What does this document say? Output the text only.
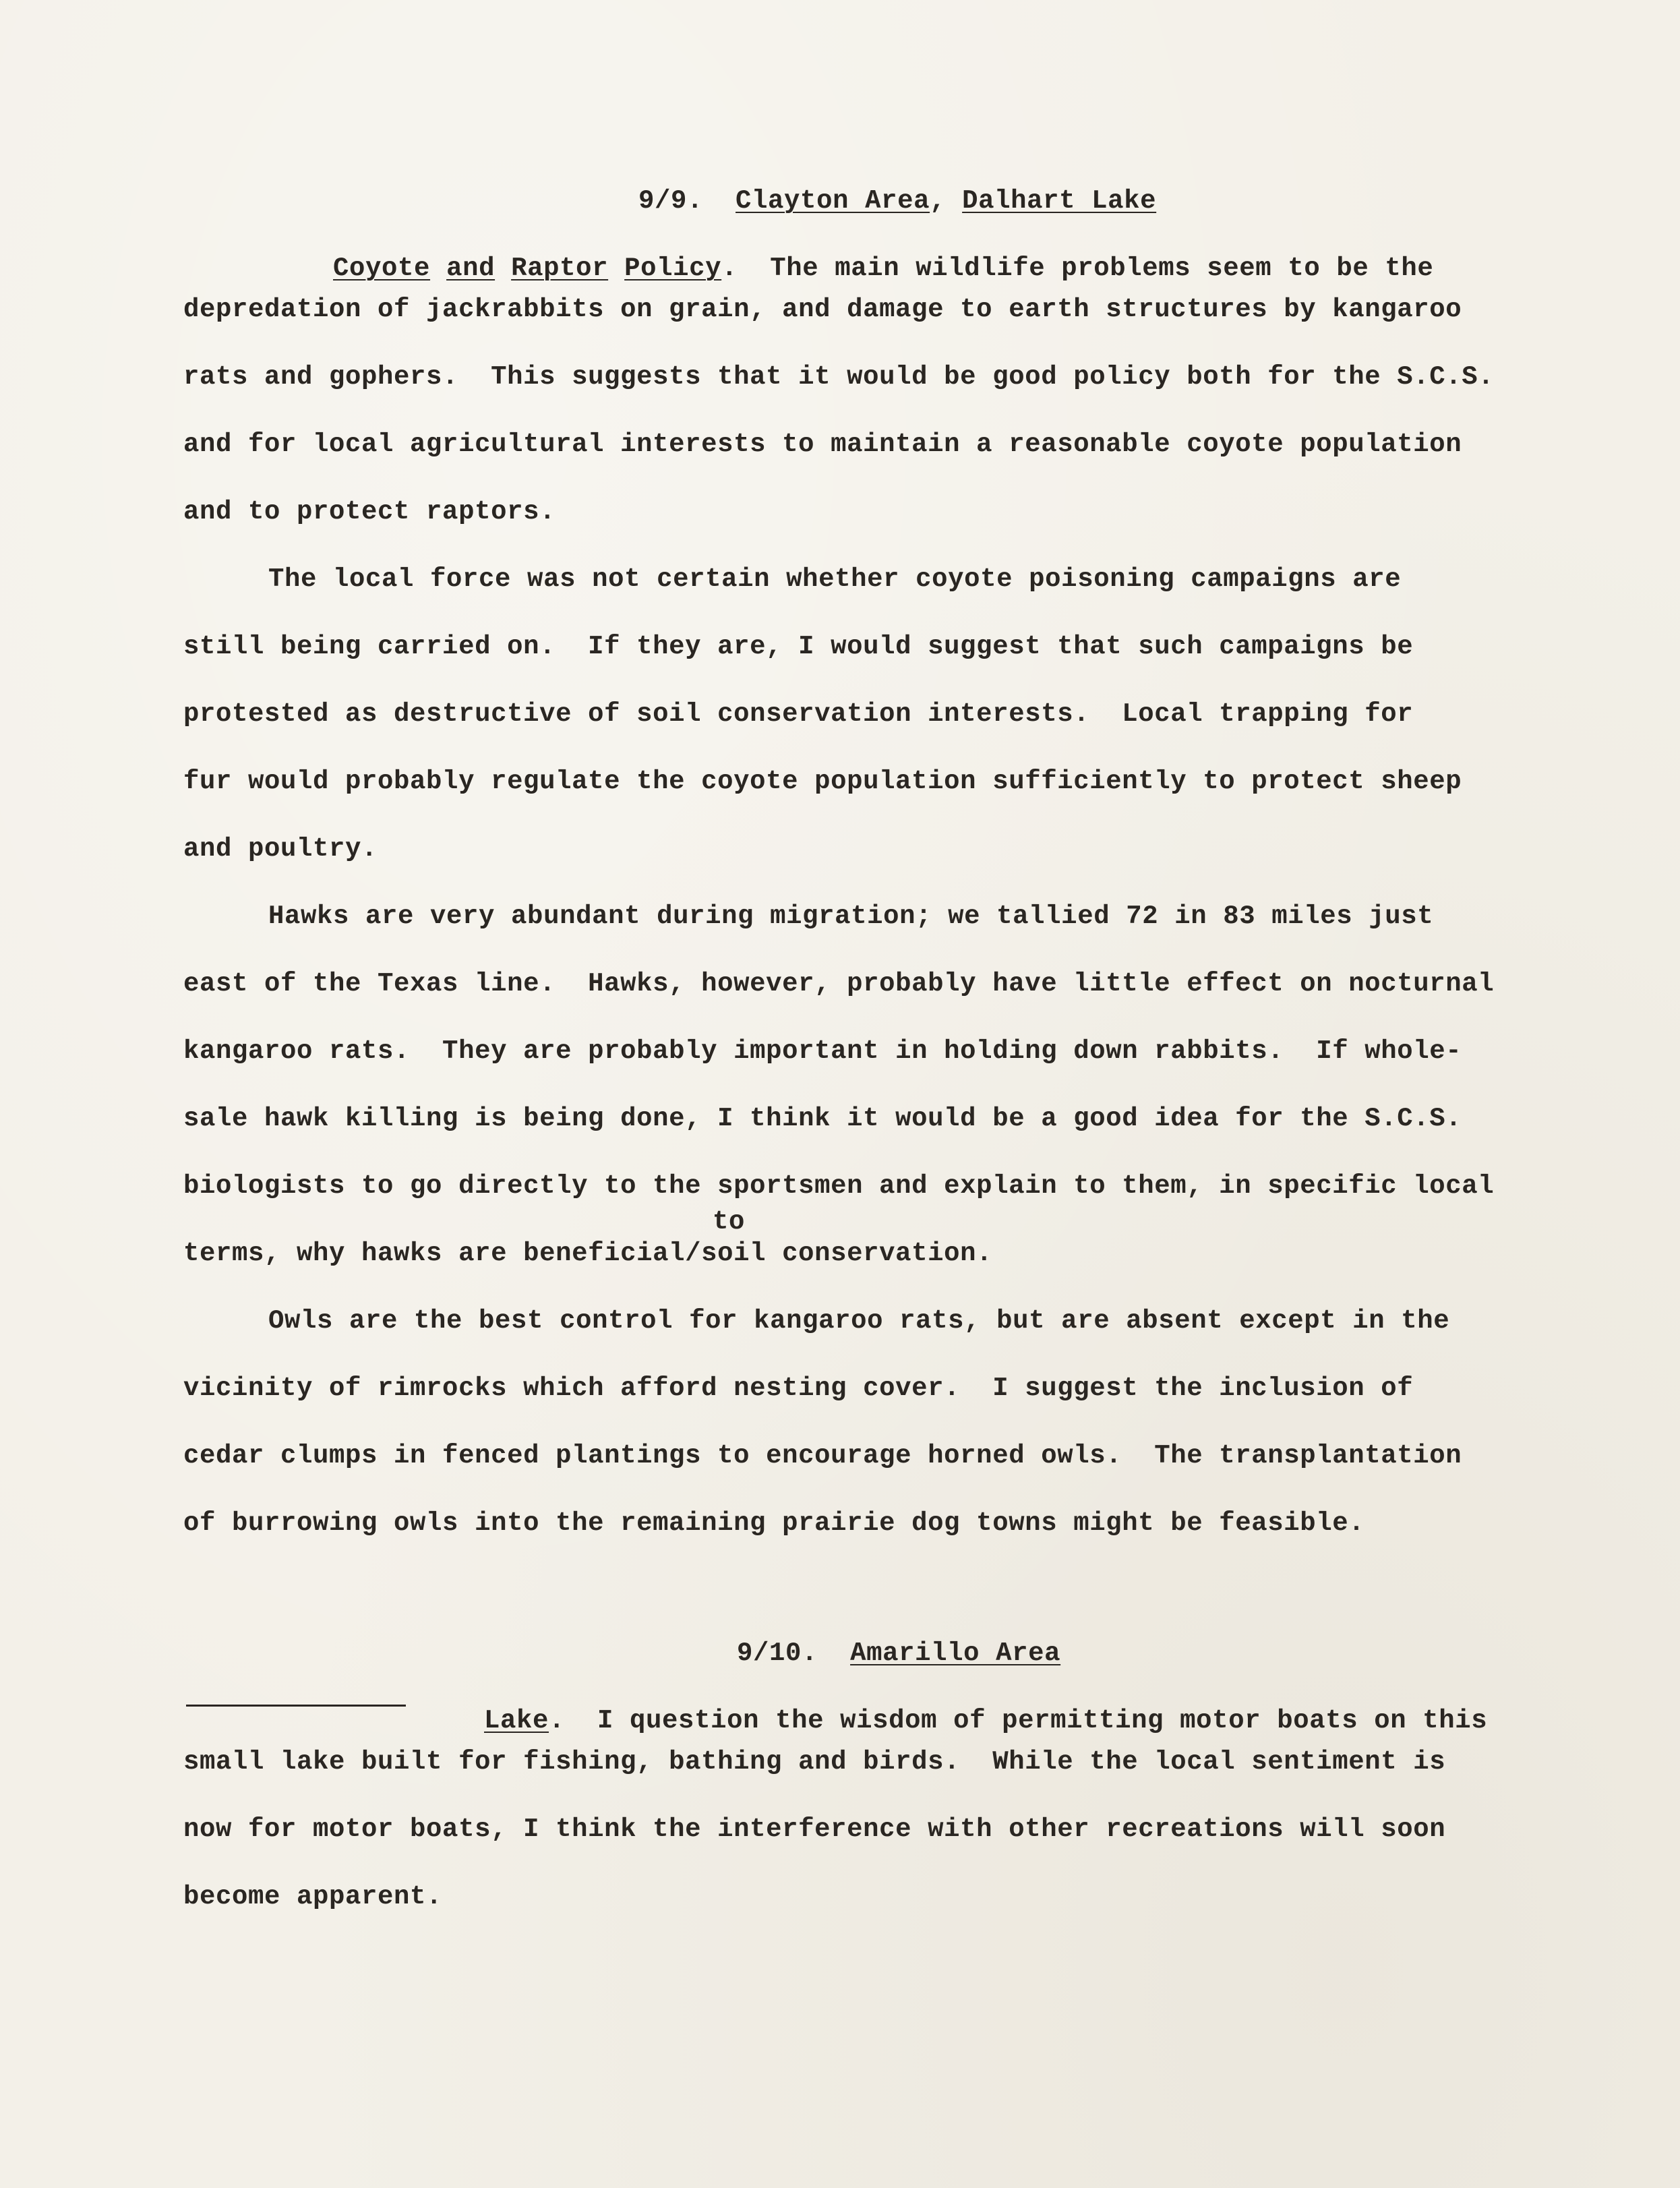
9/9. Clayton Area, Dalhart Lake

Coyote and Raptor Policy.  The main wildlife problems seem to be the

depredation of jackrabbits on grain, and damage to earth structures by kangaroo
rats and gophers.  This suggests that it would be good policy both for the S.C.S.
and for local agricultural interests to maintain a reasonable coyote population
and to protect raptors.
The local force was not certain whether coyote poisoning campaigns are
still being carried on.  If they are, I would suggest that such campaigns be
protested as destructive of soil conservation interests.  Local trapping for
fur would probably regulate the coyote population sufficiently to protect sheep
and poultry.
Hawks are very abundant during migration; we tallied 72 in 83 miles just
east of the Texas line.  Hawks, however, probably have little effect on nocturnal
kangaroo rats.  They are probably important in holding down rabbits.  If whole-
sale hawk killing is being done, I think it would be a good idea for the S.C.S.
biologists to go directly to the sportsmen and explain to them, in specific local
to
terms, why hawks are beneficial/soil conservation.
Owls are the best control for kangaroo rats, but are absent except in the
vicinity of rimrocks which afford nesting cover.  I suggest the inclusion of
cedar clumps in fenced plantings to encourage horned owls.  The transplantation
of burrowing owls into the remaining prairie dog towns might be feasible.

9/10. Amarillo Area

Lake.  I question the wisdom of permitting motor boats on this

small lake built for fishing, bathing and birds.  While the local sentiment is
now for motor boats, I think the interference with other recreations will soon
become apparent.
